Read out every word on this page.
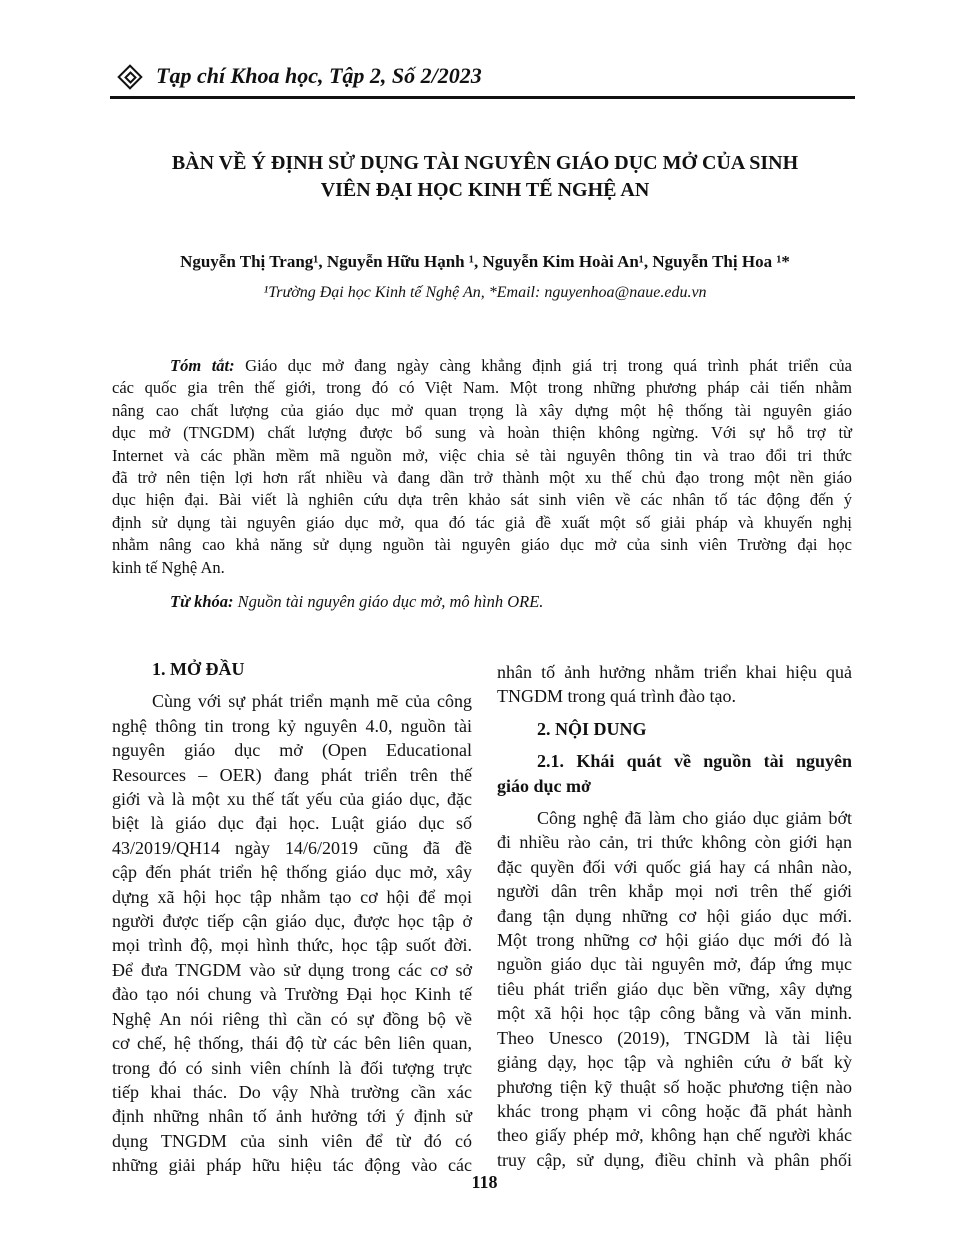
Tạp chí Khoa học, Tập 2, Số 2/2023
BÀN VỀ Ý ĐỊNH SỬ DỤNG TÀI NGUYÊN GIÁO DỤC MỞ CỦA SINH
VIÊN ĐẠI HỌC KINH TẾ NGHỆ AN
Nguyễn Thị Trang¹, Nguyễn Hữu Hạnh ¹, Nguyễn Kim Hoài An¹, Nguyễn Thị Hoa ¹*
¹Trường Đại học Kinh tế Nghệ An, *Email: nguyenhoa@naue.edu.vn
Tóm tắt: Giáo dục mở đang ngày càng khẳng định giá trị trong quá trình phát triển của
các quốc gia trên thế giới, trong đó có Việt Nam. Một trong những phương pháp cải tiến nhằm
nâng cao chất lượng của giáo dục mở quan trọng là xây dựng một hệ thống tài nguyên giáo
dục mở (TNGDM) chất lượng được bổ sung và hoàn thiện không ngừng. Với sự hỗ trợ từ
Internet và các phần mềm mã nguồn mở, việc chia sẻ tài nguyên thông tin và trao đổi tri thức
đã trở nên tiện lợi hơn rất nhiều và đang dần trở thành một xu thế chủ đạo trong một nền giáo
dục hiện đại. Bài viết là nghiên cứu dựa trên khảo sát sinh viên về các nhân tố tác động đến ý
định sử dụng tài nguyên giáo dục mở, qua đó tác giả đề xuất một số giải pháp và khuyến nghị
nhằm nâng cao khả năng sử dụng nguồn tài nguyên giáo dục mở của sinh viên Trường đại học
kinh tế Nghệ An.
Từ khóa: Nguồn tài nguyên giáo dục mở, mô hình ORE.
1. MỞ ĐẦU
Cùng với sự phát triển mạnh mẽ của công
nghệ thông tin trong kỷ nguyên 4.0, nguồn tài
nguyên giáo dục mở (Open Educational
Resources – OER) đang phát triển trên thế
giới và là một xu thế tất yếu của giáo dục, đặc
biệt là giáo dục đại học. Luật giáo dục số
43/2019/QH14 ngày 14/6/2019 cũng đã đề
cập đến phát triển hệ thống giáo dục mở, xây
dựng xã hội học tập nhằm tạo cơ hội để mọi
người được tiếp cận giáo dục, được học tập ở
mọi trình độ, mọi hình thức, học tập suốt đời.
Để đưa TNGDM vào sử dụng trong các cơ sở
đào tạo nói chung và Trường Đại học Kinh tế
Nghệ An nói riêng thì cần có sự đồng bộ về
cơ chế, hệ thống, thái độ từ các bên liên quan,
trong đó có sinh viên chính là đối tượng trực
tiếp khai thác. Do vậy Nhà trường cần xác
định những nhân tố ảnh hưởng tới ý định sử
dụng TNGDM của sinh viên để từ đó có
những giải pháp hữu hiệu tác động vào các
nhân tố ảnh hưởng nhằm triển khai hiệu quả
TNGDM trong quá trình đào tạo.
2. NỘI DUNG
2.1. Khái quát về nguồn tài nguyên
giáo dục mở
Công nghệ đã làm cho giáo dục giảm bớt
đi nhiều rào cản, tri thức không còn giới hạn
đặc quyền đối với quốc giá hay cá nhân nào,
người dân trên khắp mọi nơi trên thế giới
đang tận dụng những cơ hội giáo dục mới.
Một trong những cơ hội giáo dục mới đó là
nguồn giáo dục tài nguyên mở, đáp ứng mục
tiêu phát triển giáo dục bền vững, xây dựng
một xã hội học tập công bằng và văn minh.
Theo Unesco (2019), TNGDM là tài liệu
giảng dạy, học tập và nghiên cứu ở bất kỳ
phương tiện kỹ thuật số hoặc phương tiện nào
khác trong phạm vi công hoặc đã phát hành
theo giấy phép mở, không hạn chế người khác
truy cập, sử dụng, điều chỉnh và phân phối
118
